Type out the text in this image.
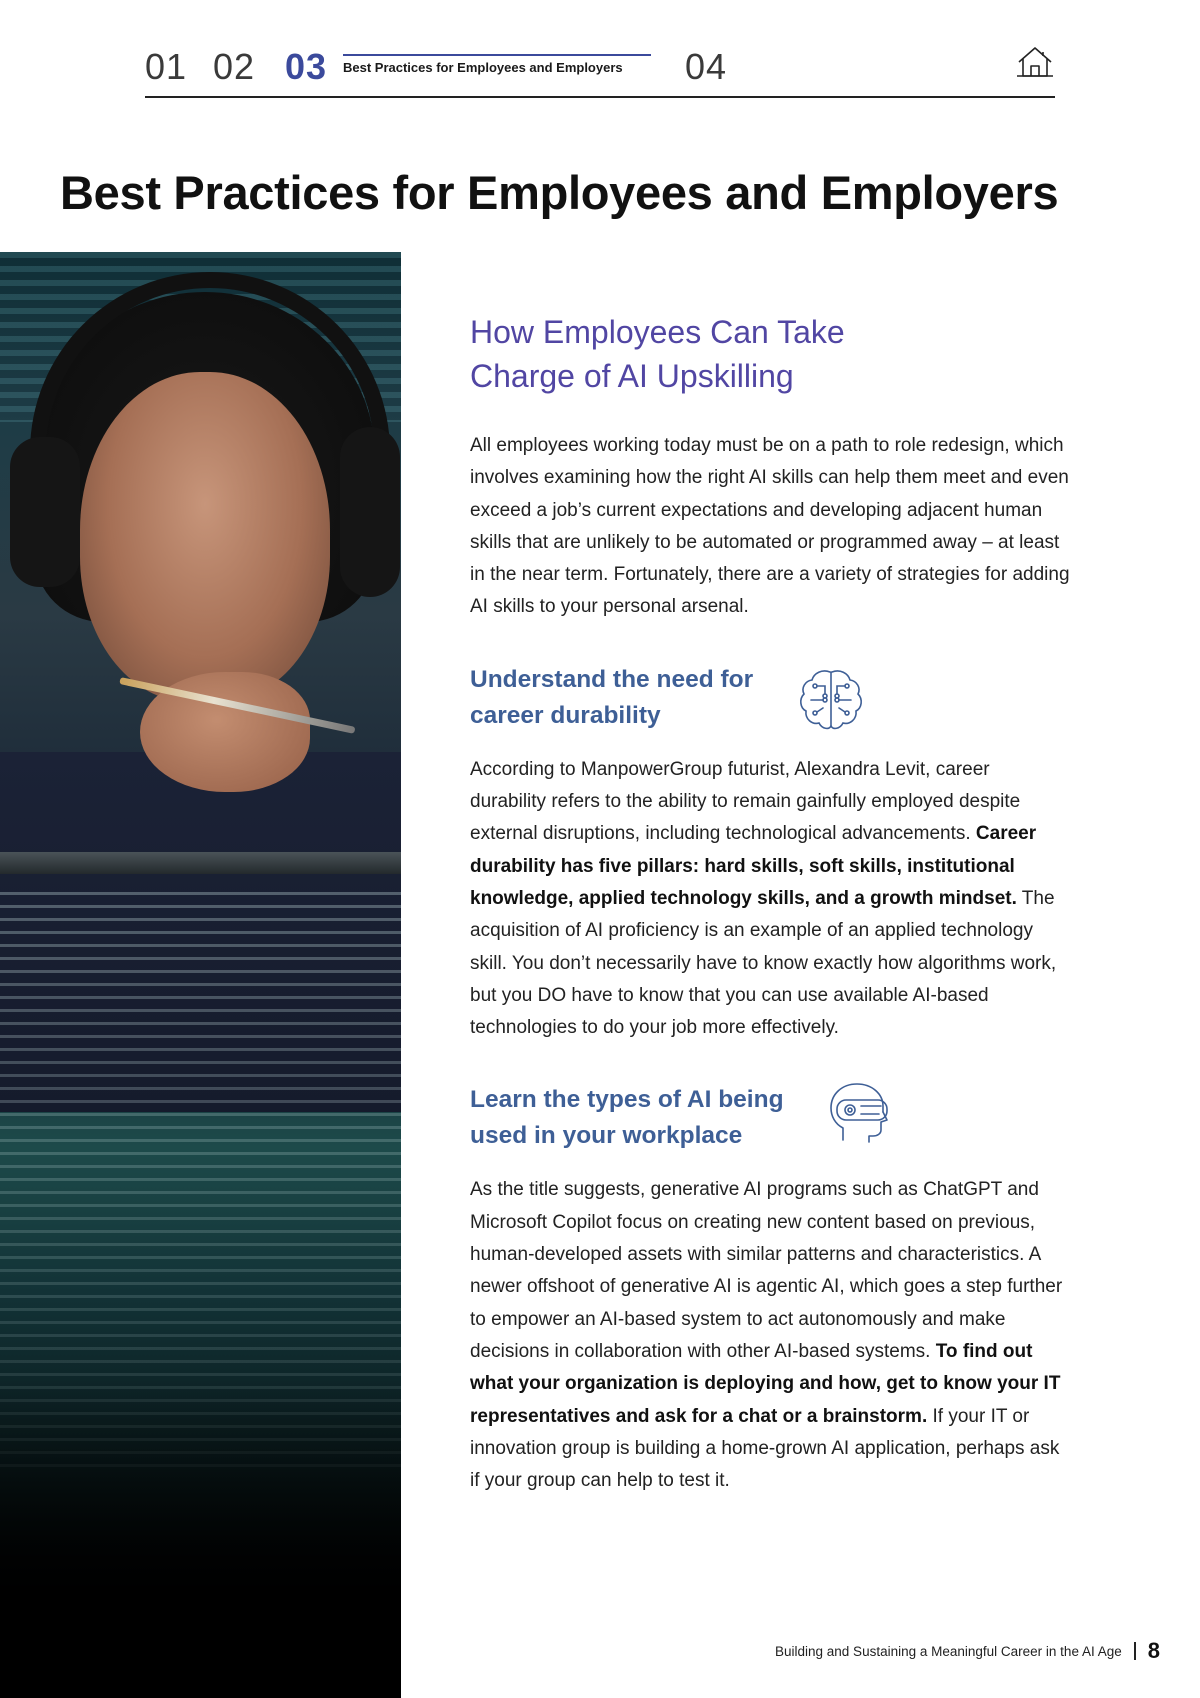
01 02 03 Best Practices for Employees and Employers 04
Best Practices for Employees and Employers
How Employees Can Take
Charge of AI Upskilling

All employees working today must be on a path to role redesign, which involves examining how the right AI skills can help them meet and even exceed a job’s current expectations and developing adjacent human skills that are unlikely to be automated or programmed away – at least in the near term. Fortunately, there are a variety of strategies for adding AI skills to your personal arsenal.

Understand the need for
career durability

According to ManpowerGroup futurist, Alexandra Levit, career durability refers to the ability to remain gainfully employed despite external disruptions, including technological advancements. Career durability has five pillars: hard skills, soft skills, institutional knowledge, applied technology skills, and a growth mindset. The acquisition of AI proficiency is an example of an applied technology skill. You don’t necessarily have to know exactly how algorithms work, but you DO have to know that you can use available AI-based technologies to do your job more effectively.

Learn the types of AI being
used in your workplace

As the title suggests, generative AI programs such as ChatGPT and Microsoft Copilot focus on creating new content based on previous, human-developed assets with similar patterns and characteristics. A newer offshoot of generative AI is agentic AI, which goes a step further to empower an AI-based system to act autonomously and make decisions in collaboration with other AI-based systems. To find out what your organization is deploying and how, get to know your IT representatives and ask for a chat or a brainstorm. If your IT or innovation group is building a home-grown AI application, perhaps ask if your group can help to test it.

Building and Sustaining a Meaningful Career in the AI Age 8
